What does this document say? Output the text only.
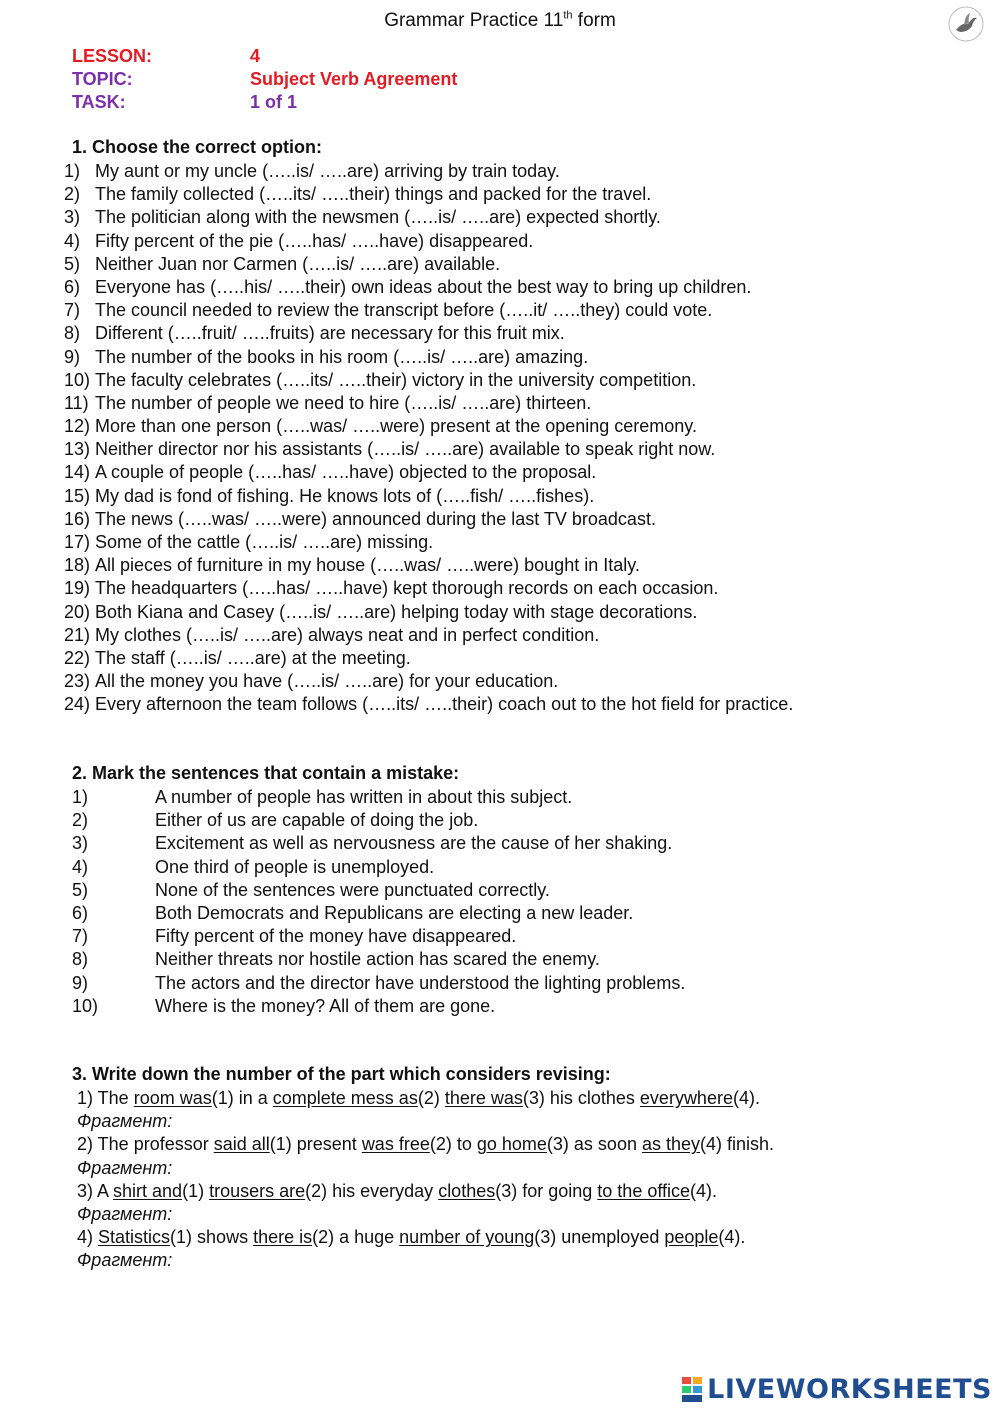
Grammar Practice 11th form
LESSON:	4
TOPIC:	Subject Verb Agreement
TASK:	1 of 1
1. Choose the correct option:
1) My aunt or my uncle (…..is/ …..are) arriving by train today.
2) The family collected (…..its/ …..their) things and packed for the travel.
3) The politician along with the newsmen (…..is/ …..are) expected shortly.
4) Fifty percent of the pie (…..has/ …..have) disappeared.
5) Neither Juan nor Carmen (…..is/ …..are) available.
6) Everyone has (…..his/ …..their) own ideas about the best way to bring up children.
7) The council needed to review the transcript before (…..it/ …..they) could vote.
8) Different (…..fruit/ …..fruits) are necessary for this fruit mix.
9) The number of the books in his room (…..is/ …..are) amazing.
10) The faculty celebrates (…..its/ …..their) victory in the university competition.
11) The number of people we need to hire (…..is/ …..are) thirteen.
12) More than one person (…..was/ …..were) present at the opening ceremony.
13) Neither director nor his assistants (…..is/ …..are) available to speak right now.
14) A couple of people (…..has/ …..have) objected to the proposal.
15) My dad is fond of fishing. He knows lots of (…..fish/ …..fishes).
16) The news (…..was/ …..were) announced during the last TV broadcast.
17) Some of the cattle (…..is/ …..are) missing.
18) All pieces of furniture in my house (…..was/ …..were) bought in Italy.
19) The headquarters (…..has/ …..have) kept thorough records on each occasion.
20) Both Kiana and Casey (…..is/ …..are) helping today with stage decorations.
21) My clothes (…..is/ …..are) always neat and in perfect condition.
22) The staff (…..is/ …..are) at the meeting.
23) All the money you have (…..is/ …..are) for your education.
24) Every afternoon the team follows (…..its/ …..their) coach out to the hot field for practice.
2. Mark the sentences that contain a mistake:
1)	A number of people has written in about this subject.
2)	Either of us are capable of doing the job.
3)	Excitement as well as nervousness are the cause of her shaking.
4)	One third of people is unemployed.
5)	None of the sentences were punctuated correctly.
6)	Both Democrats and Republicans are electing a new leader.
7)	Fifty percent of the money have disappeared.
8)	Neither threats nor hostile action has scared the enemy.
9)	The actors and the director have understood the lighting problems.
10)	Where is the money? All of them are gone.
3. Write down the number of the part which considers revising:
1) The room was(1) in a complete mess as(2) there was(3) his clothes everywhere(4).
Фрагмент:
2) The professor said all(1) present was free(2) to go home(3) as soon as they(4) finish.
Фрагмент:
3) A shirt and(1) trousers are(2) his everyday clothes(3) for going to the office(4).
Фрагмент:
4) Statistics(1) shows there is(2) a huge number of young(3) unemployed people(4).
Фрагмент:
LIVEWORKSHEETS
